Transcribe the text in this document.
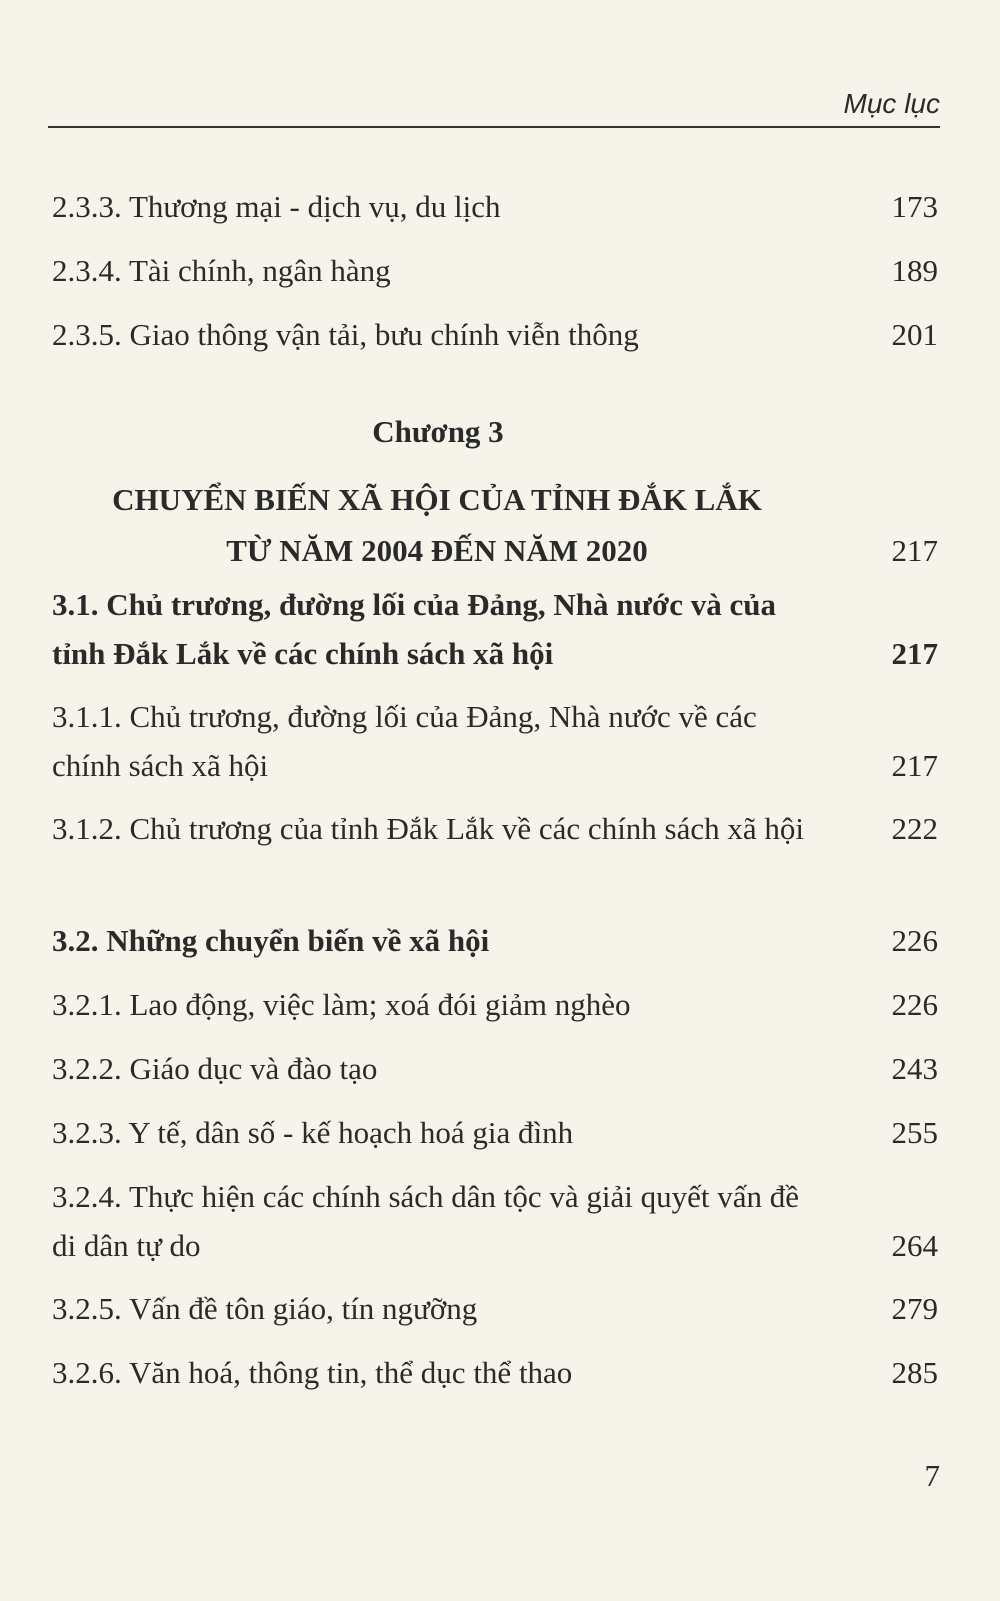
Mục lục
2.3.3. Thương mại - dịch vụ, du lịch	173
2.3.4. Tài chính, ngân hàng	189
2.3.5. Giao thông vận tải, bưu chính viễn thông	201
Chương 3
CHUYỂN BIẾN XÃ HỘI CỦA TỈNH ĐẮK LẮK
TỪ NĂM 2004 ĐẾN NĂM 2020	217
3.1. Chủ trương, đường lối của Đảng, Nhà nước và của tỉnh Đắk Lắk về các chính sách xã hội	217
3.1.1. Chủ trương, đường lối của Đảng, Nhà nước về các chính sách xã hội	217
3.1.2. Chủ trương của tỉnh Đắk Lắk về các chính sách xã hội	222
3.2. Những chuyển biến về xã hội	226
3.2.1. Lao động, việc làm; xoá đói giảm nghèo	226
3.2.2. Giáo dục và đào tạo	243
3.2.3. Y tế, dân số - kế hoạch hoá gia đình	255
3.2.4. Thực hiện các chính sách dân tộc và giải quyết vấn đề di dân tự do	264
3.2.5. Vấn đề tôn giáo, tín ngưỡng	279
3.2.6. Văn hoá, thông tin, thể dục thể thao	285
7
